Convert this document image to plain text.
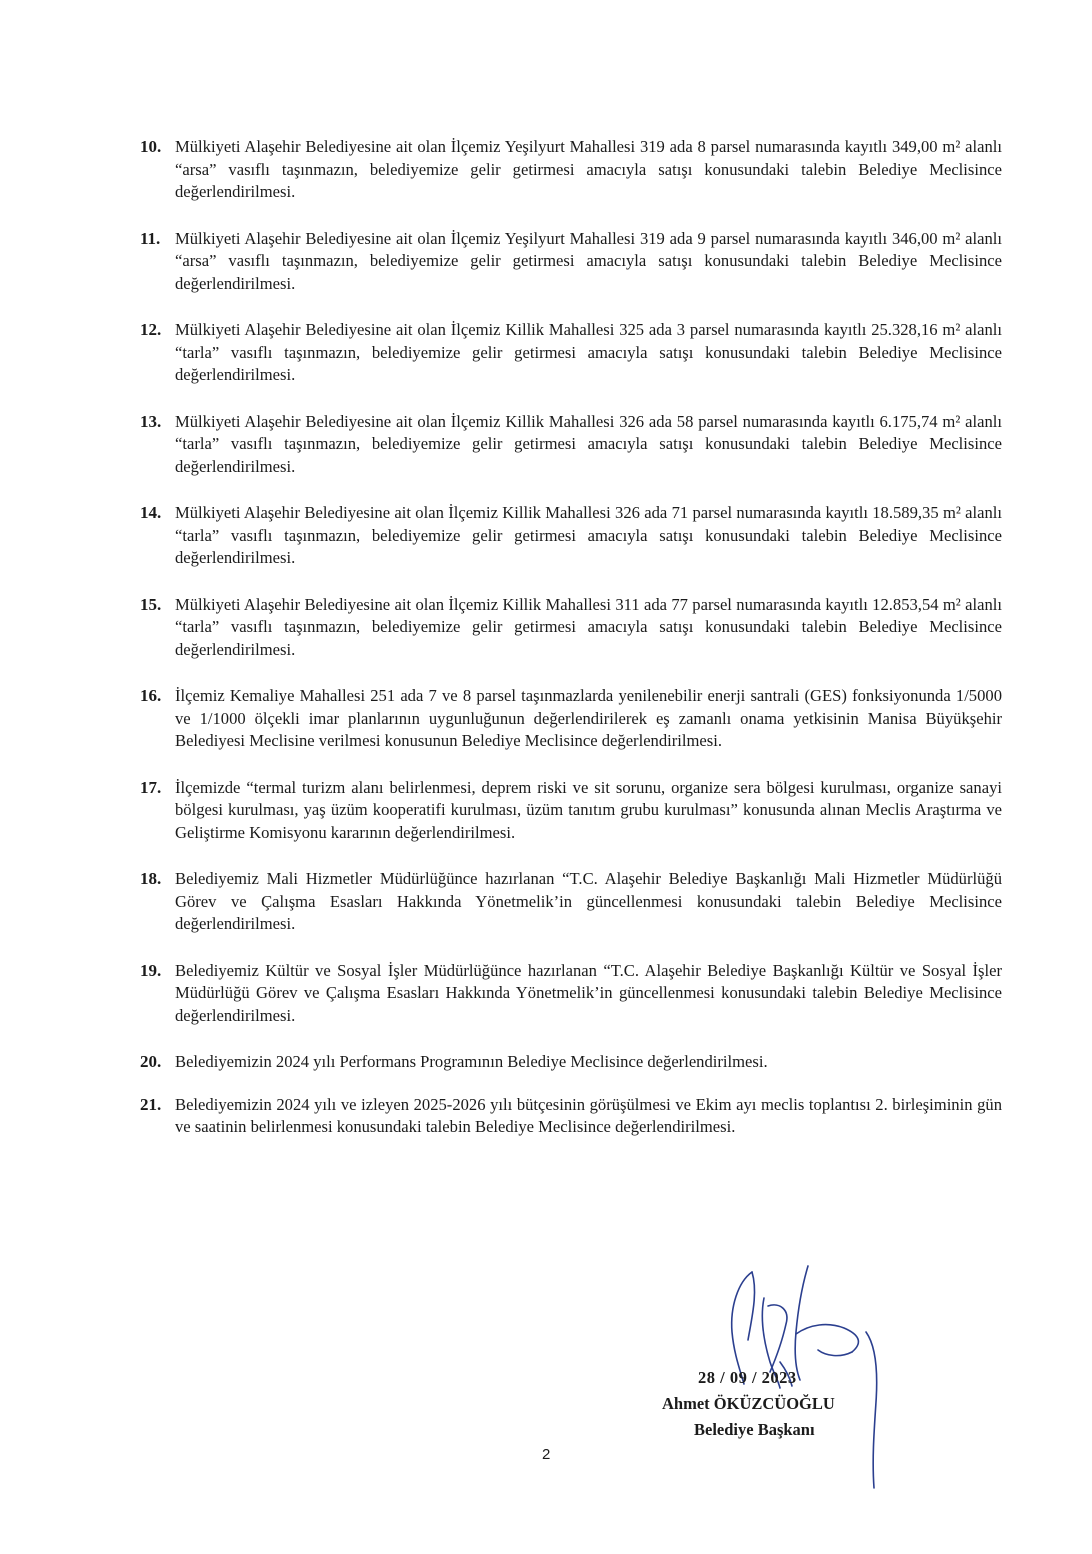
10. Mülkiyeti Alaşehir Belediyesine ait olan İlçemiz Yeşilyurt Mahallesi 319 ada 8 parsel numarasında kayıtlı 349,00 m² alanlı “arsa” vasıflı taşınmazın, belediyemize gelir getirmesi amacıyla satışı konusundaki talebin Belediye Meclisince değerlendirilmesi.
11. Mülkiyeti Alaşehir Belediyesine ait olan İlçemiz Yeşilyurt Mahallesi 319 ada 9 parsel numarasında kayıtlı 346,00 m² alanlı “arsa” vasıflı taşınmazın, belediyemize gelir getirmesi amacıyla satışı konusundaki talebin Belediye Meclisince değerlendirilmesi.
12. Mülkiyeti Alaşehir Belediyesine ait olan İlçemiz Killik Mahallesi 325 ada 3 parsel numarasında kayıtlı 25.328,16 m² alanlı “tarla” vasıflı taşınmazın, belediyemize gelir getirmesi amacıyla satışı konusundaki talebin Belediye Meclisince değerlendirilmesi.
13. Mülkiyeti Alaşehir Belediyesine ait olan İlçemiz Killik Mahallesi 326 ada 58 parsel numarasında kayıtlı 6.175,74 m² alanlı “tarla” vasıflı taşınmazın, belediyemize gelir getirmesi amacıyla satışı konusundaki talebin Belediye Meclisince değerlendirilmesi.
14. Mülkiyeti Alaşehir Belediyesine ait olan İlçemiz Killik Mahallesi 326 ada 71 parsel numarasında kayıtlı 18.589,35 m² alanlı “tarla” vasıflı taşınmazın, belediyemize gelir getirmesi amacıyla satışı konusundaki talebin Belediye Meclisince değerlendirilmesi.
15. Mülkiyeti Alaşehir Belediyesine ait olan İlçemiz Killik Mahallesi 311 ada 77 parsel numarasında kayıtlı 12.853,54 m² alanlı “tarla” vasıflı taşınmazın, belediyemize gelir getirmesi amacıyla satışı konusundaki talebin Belediye Meclisince değerlendirilmesi.
16. İlçemiz Kemaliye Mahallesi 251 ada 7 ve 8 parsel taşınmazlarda yenilenebilir enerji santrali (GES) fonksiyonunda 1/5000 ve 1/1000 ölçekli imar planlarının uygunluğunun değerlendirilerek eş zamanlı onama yetkisinin Manisa Büyükşehir Belediyesi Meclisine verilmesi konusunun Belediye Meclisince değerlendirilmesi.
17. İlçemizde “termal turizm alanı belirlenmesi, deprem riski ve sit sorunu, organize sera bölgesi kurulması, organize sanayi bölgesi kurulması, yaş üzüm kooperatifi kurulması, üzüm tanıtım grubu kurulması” konusunda alınan Meclis Araştırma ve Geliştirme Komisyonu kararının değerlendirilmesi.
18. Belediyemiz Mali Hizmetler Müdürlüğünce hazırlanan “T.C. Alaşehir Belediye Başkanlığı Mali Hizmetler Müdürlüğü Görev ve Çalışma Esasları Hakkında Yönetmelik’in güncellenmesi konusundaki talebin Belediye Meclisince değerlendirilmesi.
19. Belediyemiz Kültür ve Sosyal İşler Müdürlüğünce hazırlanan “T.C. Alaşehir Belediye Başkanlığı Kültür ve Sosyal İşler Müdürlüğü Görev ve Çalışma Esasları Hakkında Yönetmelik’in güncellenmesi konusundaki talebin Belediye Meclisince değerlendirilmesi.
20. Belediyemizin 2024 yılı Performans Programının Belediye Meclisince değerlendirilmesi.
21. Belediyemizin 2024 yılı ve izleyen 2025-2026 yılı bütçesinin görüşülmesi ve Ekim ayı meclis toplantısı 2. birleşiminin gün ve saatinin belirlenmesi konusundaki talebin Belediye Meclisince değerlendirilmesi.
28 / 09 / 2023
Ahmet ÖKÜZCÜOĞLU
Belediye Başkanı
2
